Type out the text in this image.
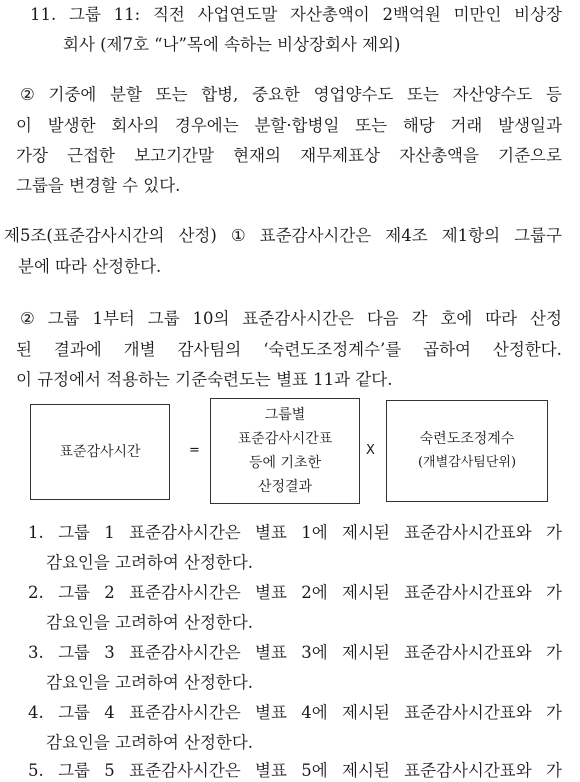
11. 그룹 11: 직전 사업연도말 자산총액이 2백억원 미만인 비상장
회사 (제7호 “나”목에 속하는 비상장회사 제외)
② 기중에 분할 또는 합병, 중요한 영업양수도 또는 자산양수도 등
이 발생한 회사의 경우에는 분할·합병일 또는 해당 거래 발생일과
가장 근접한 보고기간말 현재의 재무제표상 자산총액을 기준으로
그룹을 변경할 수 있다.
제5조(표준감사시간의 산정) ① 표준감사시간은 제4조 제1항의 그룹구
분에 따라 산정한다.
② 그룹 1부터 그룹 10의 표준감사시간은 다음 각 호에 따라 산정
된 결과에 개별 감사팀의 ‘숙련도조정계수’를 곱하여 산정한다.
이 규정에서 적용하는 기준숙련도는 별표 11과 같다.
표준감사시간	=
그룹별
표준감사시간표
등에 기초한
산정결과
X
숙련도조정계수
(개별감사팀단위)
1. 그룹 1 표준감사시간은 별표 1에 제시된 표준감사시간표와 가
감요인을 고려하여 산정한다.
2. 그룹 2 표준감사시간은 별표 2에 제시된 표준감사시간표와 가
감요인을 고려하여 산정한다.
3. 그룹 3 표준감사시간은 별표 3에 제시된 표준감사시간표와 가
감요인을 고려하여 산정한다.
4. 그룹 4 표준감사시간은 별표 4에 제시된 표준감사시간표와 가
감요인을 고려하여 산정한다.
5. 그룹 5 표준감사시간은 별표 5에 제시된 표준감사시간표와 가
